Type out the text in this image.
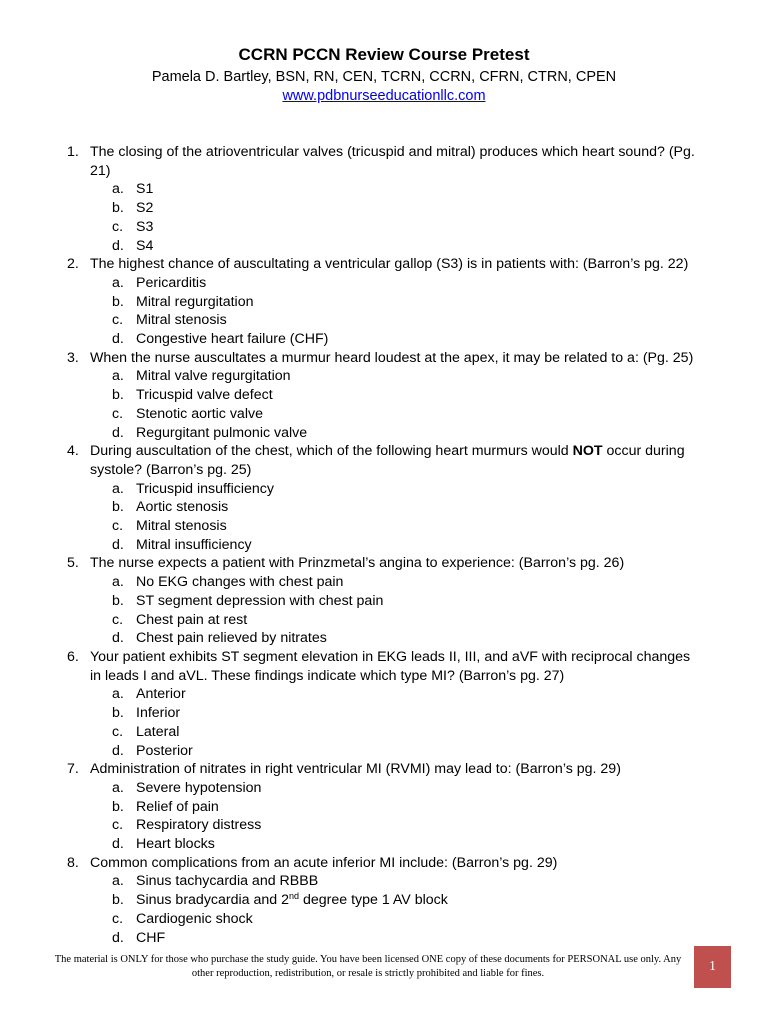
CCRN PCCN Review Course Pretest
Pamela D. Bartley, BSN, RN, CEN, TCRN, CCRN, CFRN, CTRN, CPEN
www.pdbnurseeducationllc.com
1. The closing of the atrioventricular valves (tricuspid and mitral) produces which heart sound? (Pg. 21)
a. S1
b. S2
c. S3
d. S4
2. The highest chance of auscultating a ventricular gallop (S3) is in patients with: (Barron’s pg. 22)
a. Pericarditis
b. Mitral regurgitation
c. Mitral stenosis
d. Congestive heart failure (CHF)
3. When the nurse auscultates a murmur heard loudest at the apex, it may be related to a: (Pg. 25)
a. Mitral valve regurgitation
b. Tricuspid valve defect
c. Stenotic aortic valve
d. Regurgitant pulmonic valve
4. During auscultation of the chest, which of the following heart murmurs would NOT occur during systole? (Barron’s pg. 25)
a. Tricuspid insufficiency
b. Aortic stenosis
c. Mitral stenosis
d. Mitral insufficiency
5. The nurse expects a patient with Prinzmetal’s angina to experience: (Barron’s pg. 26)
a. No EKG changes with chest pain
b. ST segment depression with chest pain
c. Chest pain at rest
d. Chest pain relieved by nitrates
6. Your patient exhibits ST segment elevation in EKG leads II, III, and aVF with reciprocal changes in leads I and aVL. These findings indicate which type MI? (Barron’s pg. 27)
a. Anterior
b. Inferior
c. Lateral
d. Posterior
7. Administration of nitrates in right ventricular MI (RVMI) may lead to: (Barron’s pg. 29)
a. Severe hypotension
b. Relief of pain
c. Respiratory distress
d. Heart blocks
8. Common complications from an acute inferior MI include: (Barron’s pg. 29)
a. Sinus tachycardia and RBBB
b. Sinus bradycardia and 2nd degree type 1 AV block
c. Cardiogenic shock
d. CHF
The material is ONLY for those who purchase the study guide. You have been licensed ONE copy of these documents for PERSONAL use only. Any other reproduction, redistribution, or resale is strictly prohibited and liable for fines.	1
